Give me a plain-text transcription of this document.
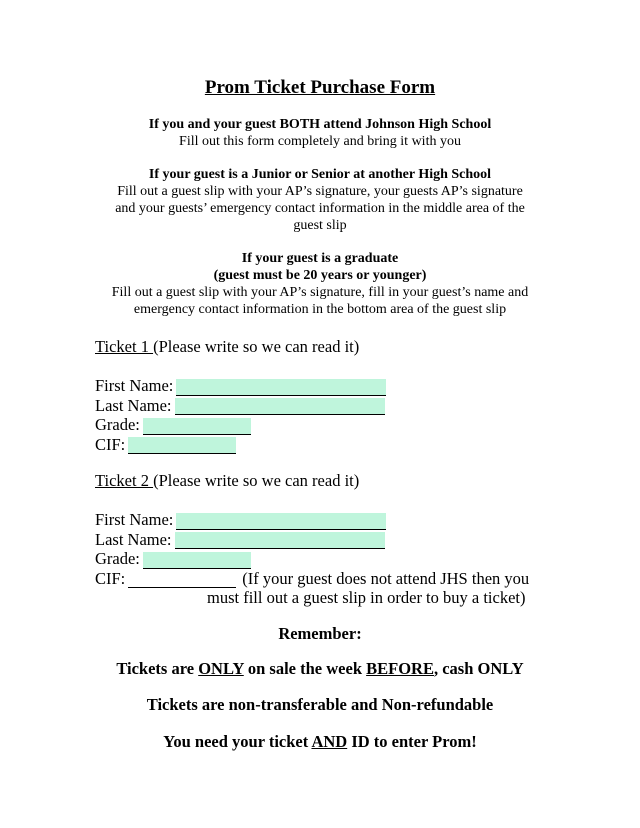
Prom Ticket Purchase Form
If you and your guest BOTH attend Johnson High School
Fill out this form completely and bring it with you
If your guest is a Junior or Senior at another High School
Fill out a guest slip with your AP’s signature, your guests AP’s signature and your guests’ emergency contact information in the middle area of the guest slip
If your guest is a graduate
(guest must be 20 years or younger)
Fill out a guest slip with your AP’s signature, fill in your guest’s name and emergency contact information in the bottom area of the guest slip
Ticket 1 (Please write so we can read it)
First Name:
Last Name:
Grade:
CIF:
Ticket 2 (Please write so we can read it)
First Name:
Last Name:
Grade:
CIF:	(If your guest does not attend JHS then you
must fill out a guest slip in order to buy a ticket)
Remember:
Tickets are ONLY on sale the week BEFORE, cash ONLY
Tickets are non-transferable and Non-refundable
You need your ticket AND ID to enter Prom!
